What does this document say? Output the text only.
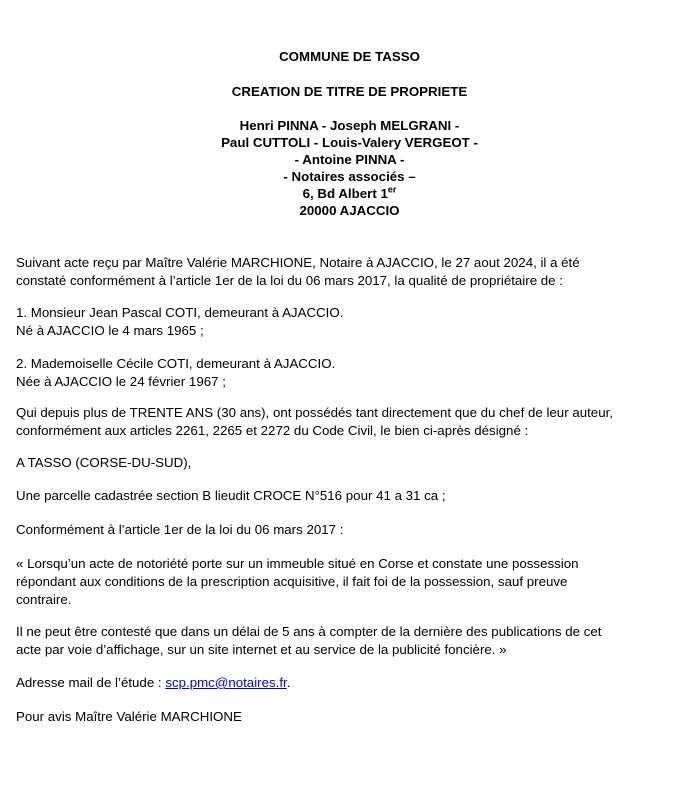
COMMUNE DE TASSO
CREATION DE TITRE DE PROPRIETE
Henri PINNA - Joseph MELGRANI -
Paul CUTTOLI - Louis-Valery VERGEOT -
- Antoine PINNA -
- Notaires associés –
6, Bd Albert 1er
20000 AJACCIO
Suivant acte reçu par Maître Valérie MARCHIONE, Notaire à AJACCIO, le 27 aout 2024, il a été
constaté conformément à l’article 1er de la loi du 06 mars 2017, la qualité de propriétaire de :
1. Monsieur Jean Pascal COTI, demeurant à AJACCIO.
Né à AJACCIO le 4 mars 1965 ;
2. Mademoiselle Cécile COTI, demeurant à AJACCIO.
Née à AJACCIO le 24 février 1967 ;
Qui depuis plus de TRENTE ANS (30 ans), ont possédés tant directement que du chef de leur auteur,
conformément aux articles 2261, 2265 et 2272 du Code Civil, le bien ci-après désigné :
A TASSO (CORSE-DU-SUD),
Une parcelle cadastrée section B lieudit CROCE N°516 pour 41 a 31 ca ;
Conformément à l’article 1er de la loi du 06 mars 2017 :
« Lorsqu’un acte de notoriété porte sur un immeuble situé en Corse et constate une possession
répondant aux conditions de la prescription acquisitive, il fait foi de la possession, sauf preuve
contraire.
Il ne peut être contesté que dans un délai de 5 ans à compter de la dernière des publications de cet
acte par voie d’affichage, sur un site internet et au service de la publicité foncière. »
Adresse mail de l’étude : scp.pmc@notaires.fr.
Pour avis Maître Valérie MARCHIONE
